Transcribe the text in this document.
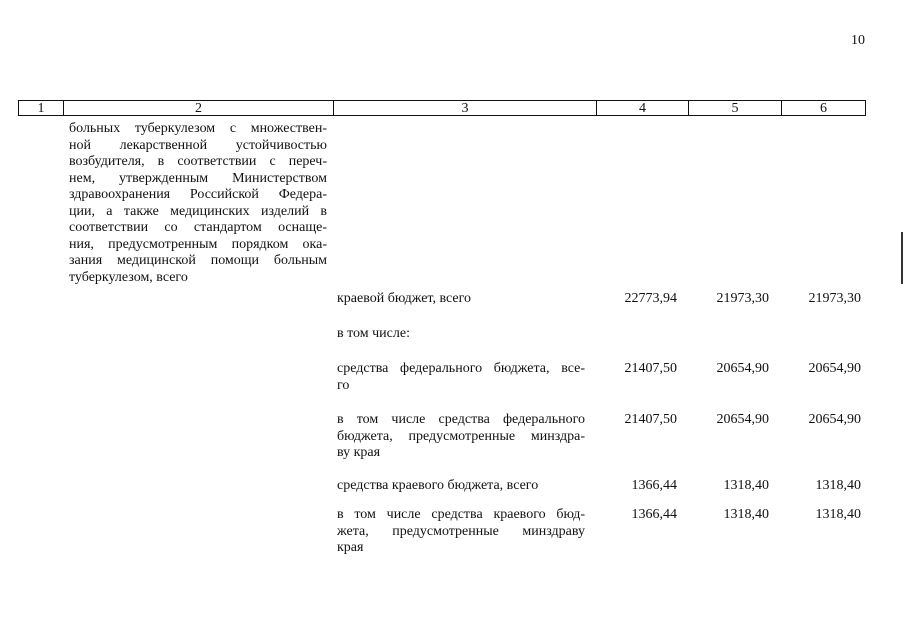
10
1	2	3	4	5	6
больных туберкулезом с множествен-
ной лекарственной устойчивостью
возбудителя, в соответствии с переч-
нем, утвержденным Министерством
здравоохранения Российской Федера-
ции, а также медицинских изделий в
соответствии со стандартом оснаще-
ния, предусмотренным порядком ока-
зания медицинской помощи больным
туберкулезом, всего
краевой бюджет, всего	22773,94	21973,30	21973,30
в том числе:
средства федерального бюджета, все-
го
21407,50	20654,90	20654,90
в том числе средства федерального
бюджета, предусмотренные минздра-
ву края
21407,50	20654,90	20654,90
средства краевого бюджета, всего	1366,44	1318,40	1318,40
в том числе средства краевого бюд-
жета, предусмотренные минздраву
края
1366,44	1318,40	1318,40
